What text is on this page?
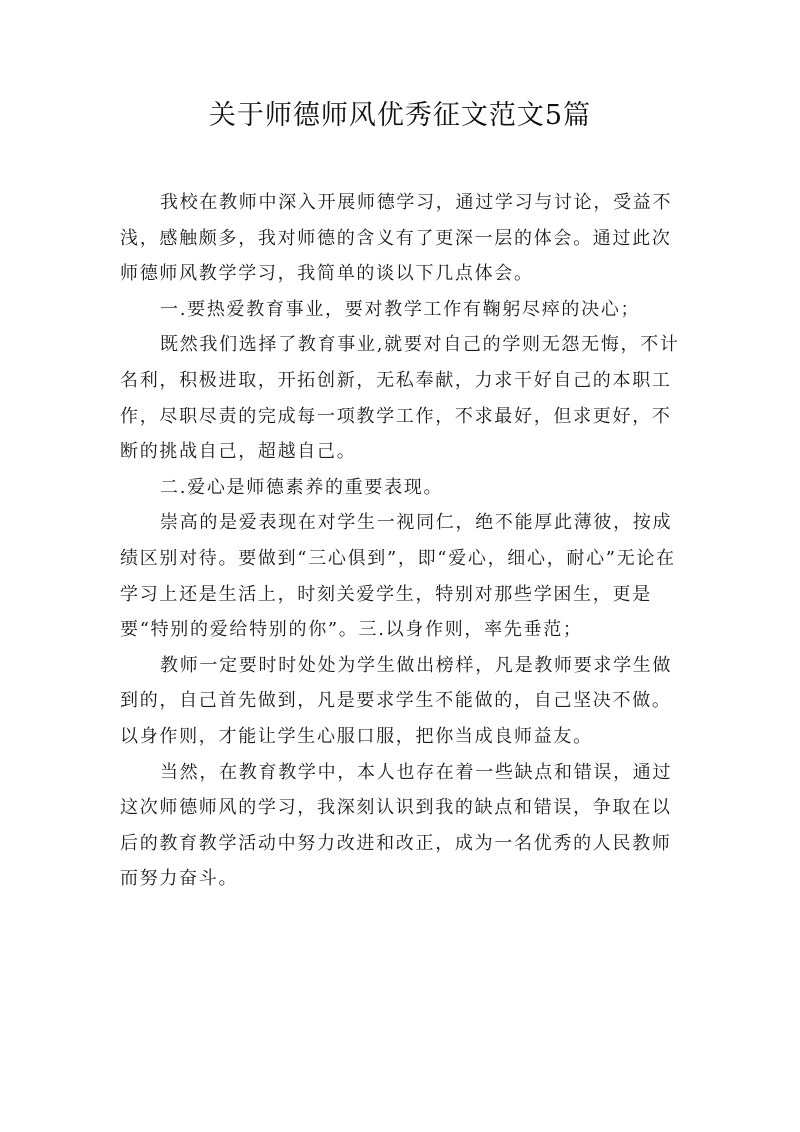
关于师德师风优秀征文范文5篇

我校在教师中深入开展师德学习，通过学习与讨论，受益不浅，感触颇多，我对师德的含义有了更深一层的体会。通过此次师德师风教学学习，我简单的谈以下几点体会。

一.要热爱教育事业，要对教学工作有鞠躬尽瘁的决心；

既然我们选择了教育事业,就要对自己的学则无怨无悔，不计名利，积极进取，开拓创新，无私奉献，力求干好自己的本职工作，尽职尽责的完成每一项教学工作，不求最好，但求更好，不断的挑战自己，超越自己。

二.爱心是师德素养的重要表现。

崇高的是爱表现在对学生一视同仁，绝不能厚此薄彼，按成绩区别对待。要做到“三心俱到”，即“爱心，细心，耐心”无论在学习上还是生活上，时刻关爱学生，特别对那些学困生，更是要“特别的爱给特别的你”。三.以身作则，率先垂范；

教师一定要时时处处为学生做出榜样，凡是教师要求学生做到的，自己首先做到，凡是要求学生不能做的，自己坚决不做。以身作则，才能让学生心服口服，把你当成良师益友。

当然，在教育教学中，本人也存在着一些缺点和错误，通过这次师德师风的学习，我深刻认识到我的缺点和错误，争取在以后的教育教学活动中努力改进和改正，成为一名优秀的人民教师而努力奋斗。
